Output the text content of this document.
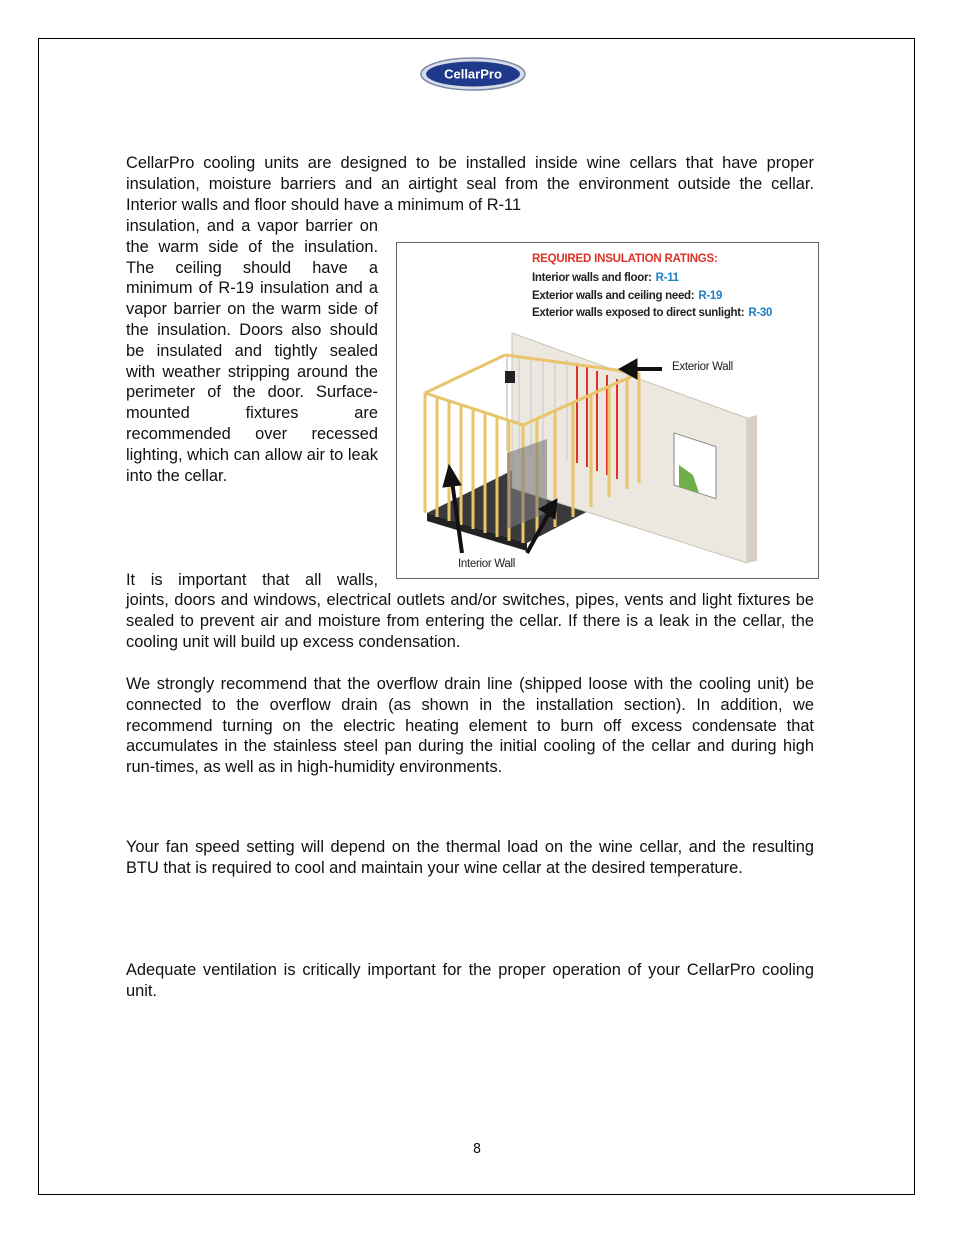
CellarPro
CellarPro cooling units are designed to be installed inside wine cellars that have proper insulation, moisture barriers and an airtight seal from the environment outside the cellar. Interior walls and floor should have a minimum of R-11
insulation, and a vapor barrier on the warm side of the insulation. The ceiling should have a minimum of R-19 insulation and a vapor barrier on the warm side of the insulation. Doors also should be insulated and tightly sealed with weather stripping around the perimeter of the door. Surface-mounted fixtures are recommended over recessed lighting, which can allow air to leak into the cellar.
It is important that all walls,
joints, doors and windows, electrical outlets and/or switches, pipes, vents and light fixtures be sealed to prevent air and moisture from entering the cellar. If there is a leak in the cellar, the cooling unit will build up excess condensation.
REQUIRED INSULATION RATINGS:
Interior walls and floor: R-11
Exterior walls and ceiling need: R-19
Exterior walls exposed to direct sunlight: R-30
Exterior Wall
Interior Wall
We strongly recommend that the overflow drain line (shipped loose with the cooling unit) be connected to the overflow drain (as shown in the installation section). In addition, we recommend turning on the electric heating element to burn off excess condensate that accumulates in the stainless steel pan during the initial cooling of the cellar and during high run-times, as well as in high-humidity environments.
Your fan speed setting will depend on the thermal load on the wine cellar, and the resulting BTU that is required to cool and maintain your wine cellar at the desired temperature.
Adequate ventilation is critically important for the proper operation of your CellarPro cooling unit.
8
